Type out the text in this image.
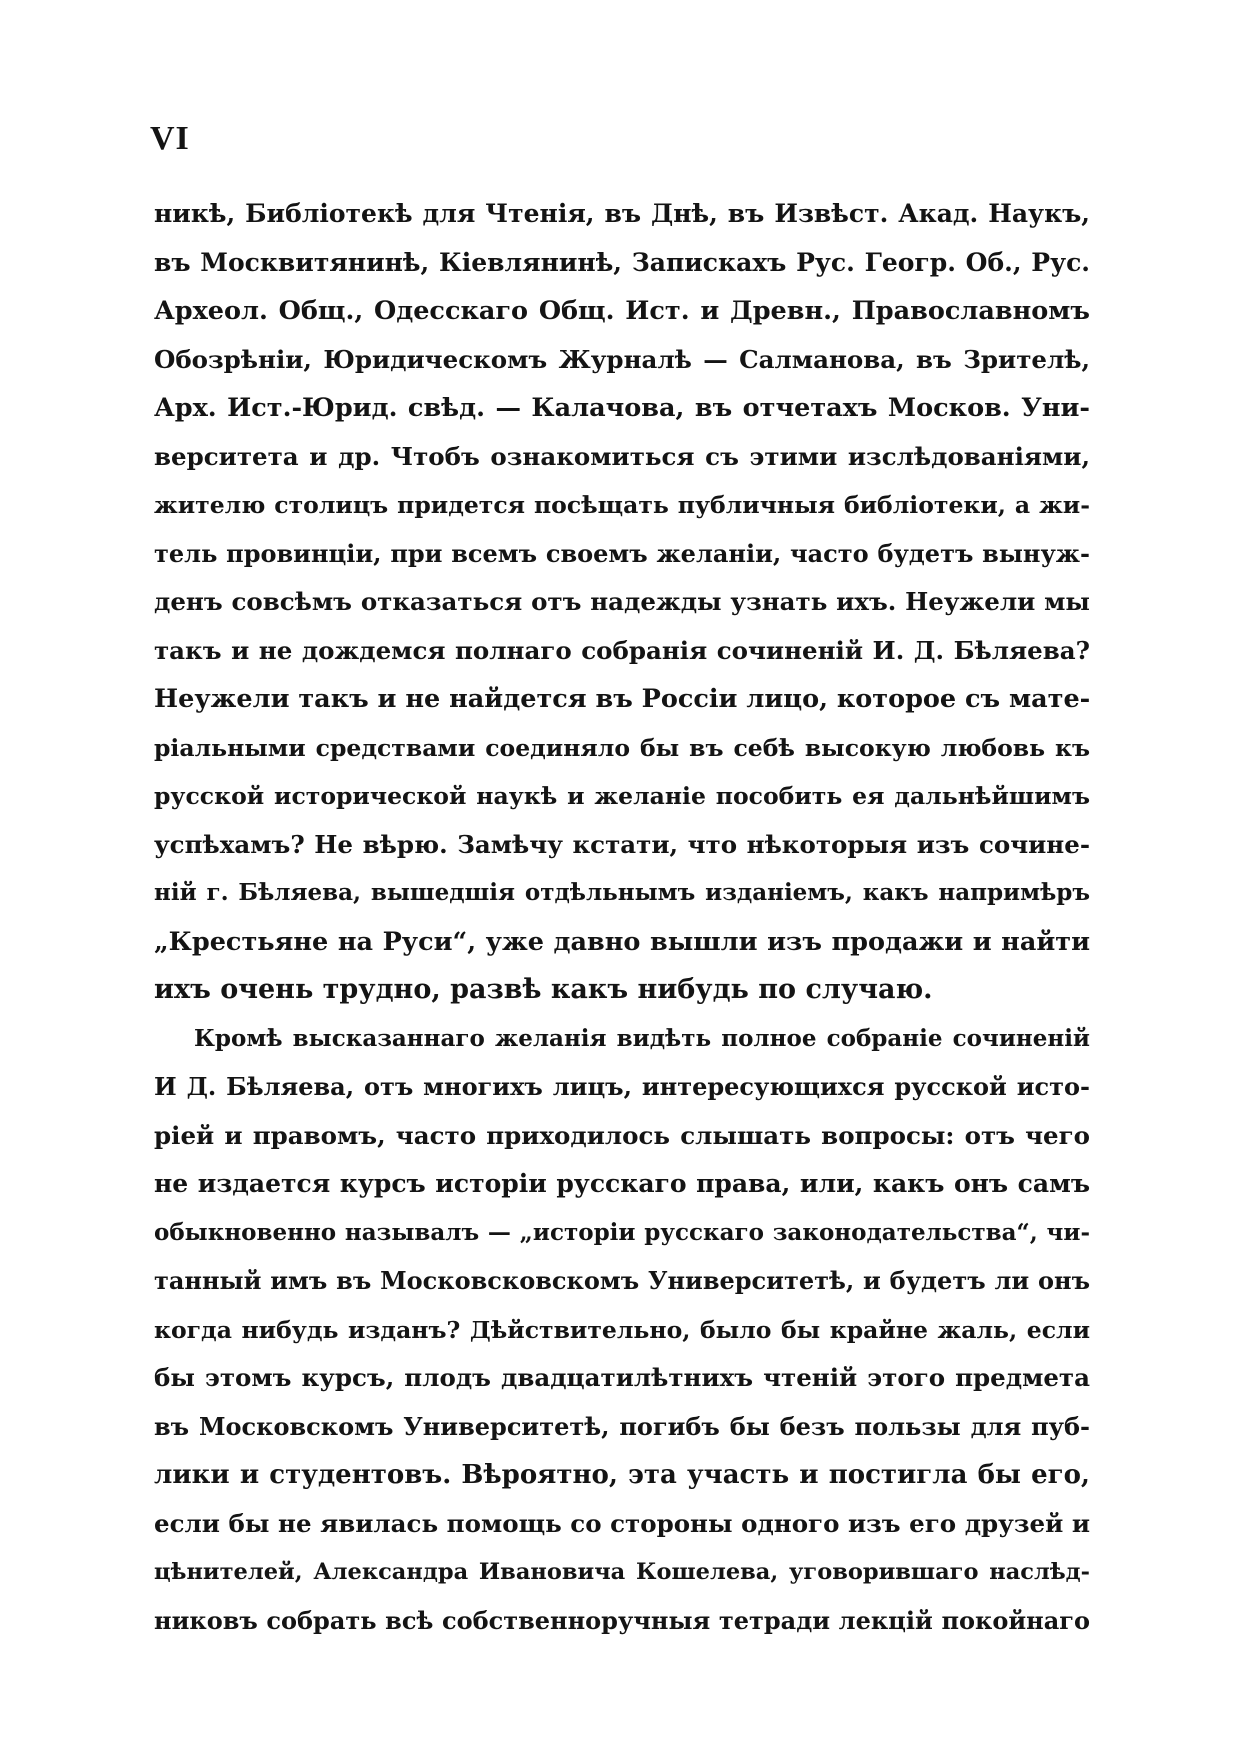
VI
никѣ, Библіотекѣ для Чтенія, въ Днѣ, въ Извѣст. Акад. Наукъ,
въ Москвитянинѣ, Кіевлянинѣ, Запискахъ Рус. Геогр. Об., Рус.
Археол. Общ., Одесскаго Общ. Ист. и Древн., Православномъ
Обозрѣніи, Юридическомъ Журналѣ — Салманова, въ Зрителѣ,
Арх. Ист.-Юрид. свѣд. — Калачова, въ отчетахъ Москов. Уни-
верситета и др. Чтобъ ознакомиться съ этими изслѣдованіями,
жителю столицъ придется посѣщать публичныя библіотеки, а жи-
тель провинціи, при всемъ своемъ желаніи, часто будетъ вынуж-
денъ совсѣмъ отказаться отъ надежды узнать ихъ. Неужели мы
такъ и не дождемся полнаго собранія сочиненій И. Д. Бѣляева?
Неужели такъ и не найдется въ Россіи лицо, которое съ мате-
ріальными средствами соединяло бы въ себѣ высокую любовь къ
русской исторической наукѣ и желаніе пособить ея дальнѣйшимъ
успѣхамъ? Не вѣрю. Замѣчу кстати, что нѣкоторыя изъ сочине-
ній г. Бѣляева, вышедшія отдѣльнымъ изданіемъ, какъ напримѣръ
„Крестьяне на Руси“, уже давно вышли изъ продажи и найти
ихъ очень трудно, развѣ какъ нибудь по случаю.
Кромѣ высказаннаго желанія видѣть полное собраніе сочиненій
И Д. Бѣляева, отъ многихъ лицъ, интересующихся русской исто-
ріей и правомъ, часто приходилось слышать вопросы: отъ чего
не издается курсъ исторіи русскаго права, или, какъ онъ самъ
обыкновенно называлъ — „исторіи русскаго законодательства“, чи-
танный имъ въ Московсковскомъ Университетѣ, и будетъ ли онъ
когда нибудь изданъ? Дѣйствительно, было бы крайне жаль, если
бы этомъ курсъ, плодъ двадцатилѣтнихъ чтеній этого предмета
въ Московскомъ Университетѣ, погибъ бы безъ пользы для пуб-
лики и студентовъ. Вѣроятно, эта участь и постигла бы его,
если бы не явилась помощь со стороны одного изъ его друзей и
цѣнителей, Александра Ивановича Кошелева, уговорившаго наслѣд-
никовъ собрать всѣ собственноручныя тетради лекцій покойнаго
